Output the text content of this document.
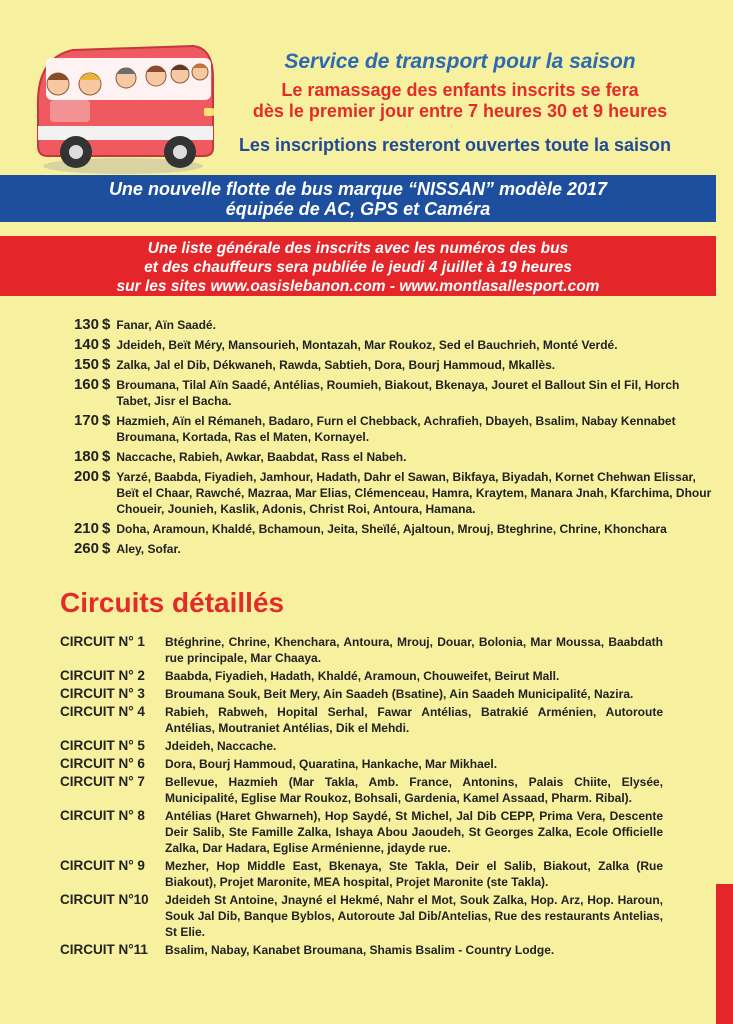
Service de transport pour la saison
Le ramassage des enfants inscrits se fera
dès le premier jour entre 7 heures 30 et 9 heures
Les inscriptions resteront ouvertes toute la saison
Une nouvelle flotte de bus marque “NISSAN” modèle 2017
équipée de AC, GPS et Caméra
Une liste générale des inscrits avec les numéros des bus
et des chauffeurs sera publiée le jeudi 4 juillet à 19 heures
sur les sites www.oasislebanon.com - www.montlasallesport.com
130 $ Fanar, Aïn Saadé.
140 $ Jdeideh, Beït Méry, Mansourieh, Montazah, Mar Roukoz, Sed el Bauchrieh, Monté Verdé.
150 $ Zalka, Jal el Dib, Dékwaneh, Rawda, Sabtieh, Dora, Bourj Hammoud, Mkallès.
160 $ Broumana, Tilal Aïn Saadé, Antélias, Roumieh, Biakout, Bkenaya, Jouret el Ballout Sin el Fil, Horch Tabet, Jisr el Bacha.
170 $ Hazmieh, Aïn el Rémaneh, Badaro, Furn el Chebback, Achrafieh, Dbayeh, Bsalim, Nabay Kennabet Broumana, Kortada, Ras el Maten, Kornayel.
180 $ Naccache, Rabieh, Awkar, Baabdat, Rass el Nabeh.
200 $ Yarzé, Baabda, Fiyadieh, Jamhour, Hadath, Dahr el Sawan, Bikfaya, Biyadah, Kornet Chehwan Elissar, Beït el Chaar, Rawché, Mazraa, Mar Elias, Clémenceau, Hamra, Kraytem, Manara Jnah, Kfarchima, Dhour Choueir, Jounieh, Kaslik, Adonis, Christ Roi, Antoura, Hamana.
210 $ Doha, Aramoun, Khaldé, Bchamoun, Jeita, Sheïlé, Ajaltoun, Mrouj, Bteghrine, Chrine, Khonchara
260 $ Aley, Sofar.
Circuits détaillés
CIRCUIT N° 1	Btéghrine, Chrine, Khenchara, Antoura, Mrouj, Douar, Bolonia, Mar Moussa, Baabdath rue principale, Mar Chaaya.
CIRCUIT N° 2	Baabda, Fiyadieh, Hadath, Khaldé, Aramoun, Chouweifet, Beirut Mall.
CIRCUIT N° 3	Broumana Souk, Beit Mery, Ain Saadeh (Bsatine), Ain Saadeh Municipalité, Nazira.
CIRCUIT N° 4	Rabieh, Rabweh, Hopital Serhal, Fawar Antélias, Batrakié Arménien, Autoroute Antélias, Moutraniet Antélias, Dik el Mehdi.
CIRCUIT N° 5	Jdeideh, Naccache.
CIRCUIT N° 6	Dora, Bourj Hammoud, Quaratina, Hankache, Mar Mikhael.
CIRCUIT N° 7	Bellevue, Hazmieh (Mar Takla, Amb. France, Antonins, Palais Chiite, Elysée, Municipalité, Eglise Mar Roukoz, Bohsali, Gardenia, Kamel Assaad, Pharm. Ribal).
CIRCUIT N° 8	Antélias (Haret Ghwarneh), Hop Saydé, St Michel, Jal Dib CEPP, Prima Vera, Descente Deir Salib, Ste Famille Zalka, Ishaya Abou Jaoudeh, St Georges Zalka, Ecole Officielle Zalka, Dar Hadara, Eglise Arménienne, jdayde rue.
CIRCUIT N° 9	Mezher, Hop Middle East, Bkenaya, Ste Takla, Deir el Salib, Biakout, Zalka (Rue Biakout), Projet Maronite, MEA hospital, Projet Maronite (ste Takla).
CIRCUIT N°10	Jdeideh St Antoine, Jnayné el Hekmé, Nahr el Mot, Souk Zalka, Hop. Arz, Hop. Haroun, Souk Jal Dib, Banque Byblos, Autoroute Jal Dib/Antelias, Rue des restaurants Antelias, St Elie.
CIRCUIT N°11	Bsalim, Nabay, Kanabet Broumana, Shamis Bsalim - Country Lodge.
